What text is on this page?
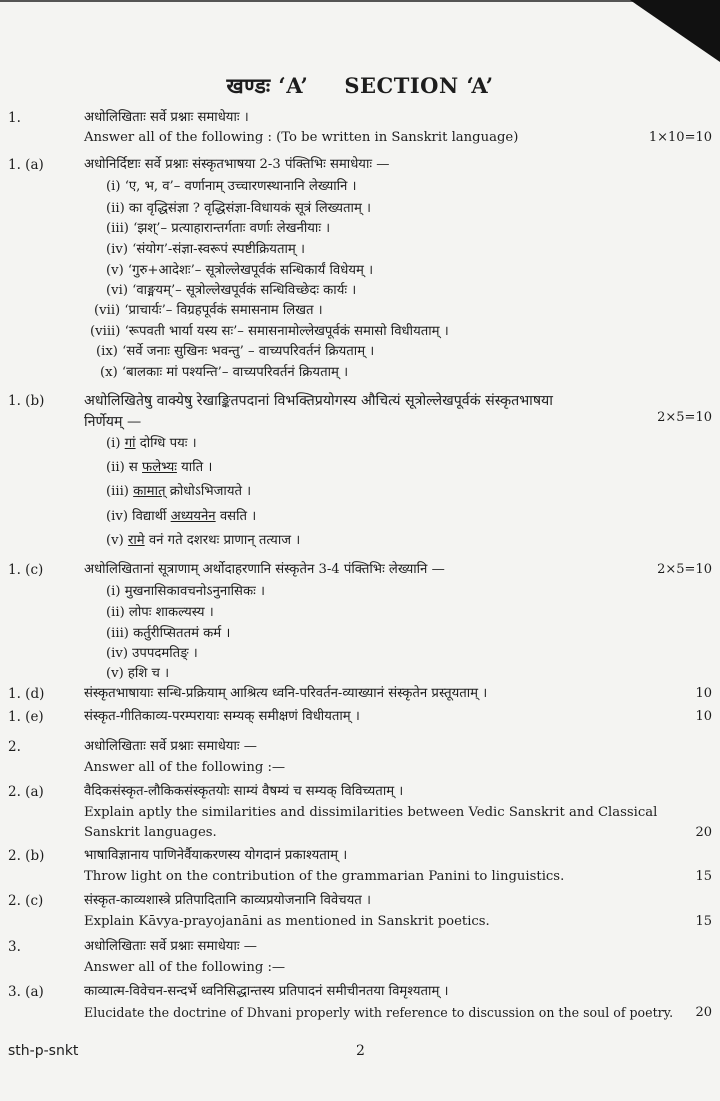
खण्डः ‘A’ SECTION ‘A’
1.	अधोलिखिताः सर्वे प्रश्नाः समाधेयाः ।
Answer all of the following : (To be written in Sanskrit language)	1×10=10
1. (a)	अधोनिर्दिष्टाः सर्वे प्रश्नाः संस्कृतभाषया 2-3 पंक्तिभिः समाधेयाः —
(i) ‘ए, भ, व’– वर्णानाम् उच्चारणस्थानानि लेख्यानि ।
(ii) का वृद्धिसंज्ञा ? वृद्धिसंज्ञा-विधायकं सूत्रं लिख्यताम् ।
(iii) ‘झश्’– प्रत्याहारान्तर्गताः वर्णाः लेखनीयाः ।
(iv) ‘संयोग’-संज्ञा-स्वरूपं स्पष्टीक्रियताम् ।
(v) ‘गुरु+आदेशः’– सूत्रोल्लेखपूर्वकं सन्धिकार्यं विधेयम् ।
(vi) ‘वाङ्मयम्’– सूत्रोल्लेखपूर्वकं सन्धिविच्छेदः कार्यः ।
(vii) ‘प्राचार्यः’– विग्रहपूर्वकं समासनाम लिखत ।
(viii) ‘रूपवती भार्या यस्य सः’– समासनामोल्लेखपूर्वकं समासो विधीयताम् ।
(ix) ‘सर्वे जनाः सुखिनः भवन्तु’ – वाच्यपरिवर्तनं क्रियताम् ।
(x) ‘बालकाः मां पश्यन्ति’– वाच्यपरिवर्तनं क्रियताम् ।
1. (b)	अधोलिखितेषु वाक्येषु रेखाङ्कितपदानां विभक्तिप्रयोगस्य औचित्यं सूत्रोल्लेखपूर्वकं संस्कृतभाषया
निर्णेयम् —	2×5=10
(i) गां दोग्धि पयः ।
(ii) स फलेभ्यः याति ।
(iii) कामात् क्रोधोऽभिजायते ।
(iv) विद्यार्थी अध्ययनेन वसति ।
(v) रामे वनं गते दशरथः प्राणान् तत्याज ।
1. (c)	अधोलिखितानां सूत्राणाम् अर्थोदाहरणानि संस्कृतेन 3-4 पंक्तिभिः लेख्यानि —	2×5=10
(i) मुखनासिकावचनोऽनुनासिकः ।
(ii) लोपः शाकल्यस्य ।
(iii) कर्तुरीप्सिततमं कर्म ।
(iv) उपपदमतिङ् ।
(v) हशि च ।
1. (d)	संस्कृतभाषायाः सन्धि-प्रक्रियाम् आश्रित्य ध्वनि-परिवर्तन-व्याख्यानं संस्कृतेन प्रस्तूयताम् ।	10
1. (e)	संस्कृत-गीतिकाव्य-परम्परायाः सम्यक् समीक्षणं विधीयताम् ।	10
2.	अधोलिखिताः सर्वे प्रश्नाः समाधेयाः —
Answer all of the following :—
2. (a)	वैदिकसंस्कृत-लौकिकसंस्कृतयोः साम्यं वैषम्यं च सम्यक् विविच्यताम् ।
Explain aptly the similarities and dissimilarities between Vedic Sanskrit and Classical Sanskrit languages.	20
2. (b)	भाषाविज्ञानाय पाणिनेर्वैयाकरणस्य योगदानं प्रकाश्यताम् ।
Throw light on the contribution of the grammarian Panini to linguistics.	15
2. (c)	संस्कृत-काव्यशास्त्रे प्रतिपादितानि काव्यप्रयोजनानि विवेचयत ।
Explain Kāvya-prayojanāni as mentioned in Sanskrit poetics.	15
3.	अधोलिखिताः सर्वे प्रश्नाः समाधेयाः —
Answer all of the following :—
3. (a)	काव्यात्म-विवेचन-सन्दर्भे ध्वनिसिद्धान्तस्य प्रतिपादनं समीचीनतया विमृश्यताम् ।
Elucidate the doctrine of Dhvani properly with reference to discussion on the soul of poetry.	20
sth-p-snkt	2
